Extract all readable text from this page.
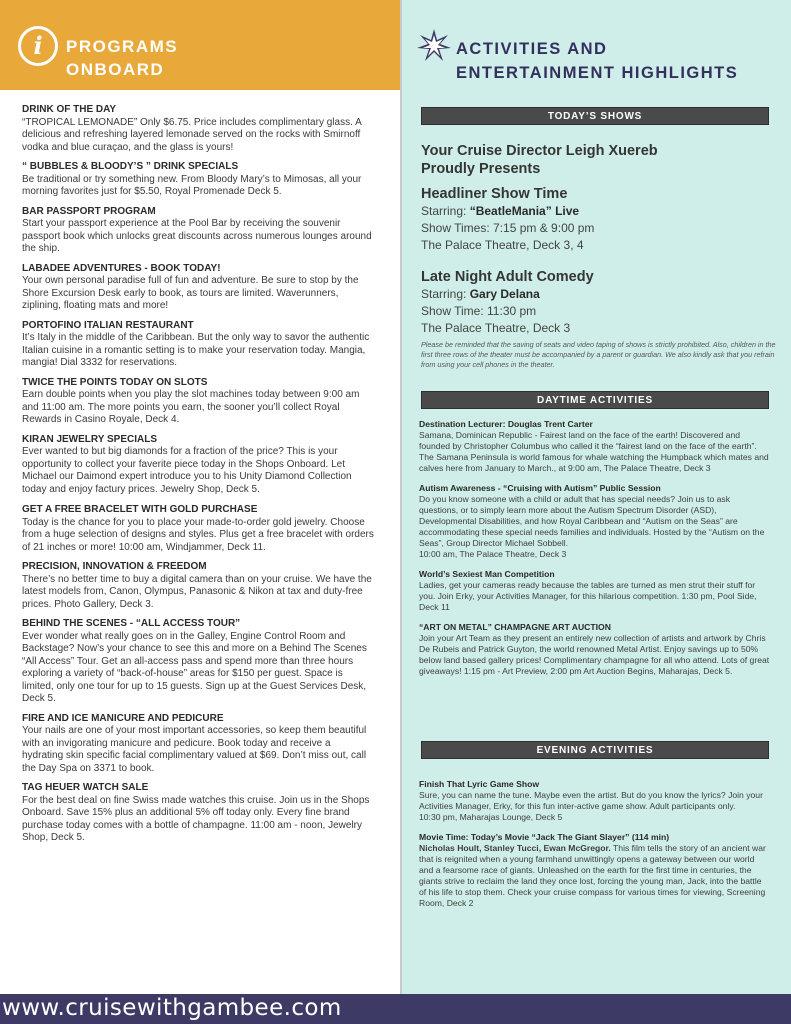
i	PROGRAMS
ONBOARD
ACTIVITIES AND
ENTERTAINMENT HIGHLIGHTS
DRINK OF THE DAY
“TROPICAL LEMONADE” Only $6.75. Price includes complimentary glass. A delicious and refreshing layered lemonade served on the rocks with Smirnoff vodka and blue curaçao, and the glass is yours!
“ BUBBLES & BLOODY’S ” DRINK SPECIALS
Be traditional or try something new. From Bloody Mary’s to Mimosas, all your morning favorites just for $5.50, Royal Promenade Deck 5.
BAR PASSPORT PROGRAM
Start your passport experience at the Pool Bar by receiving the souvenir passport book which unlocks great discounts across numerous lounges around the ship.
LABADEE ADVENTURES - BOOK TODAY!
Your own personal paradise full of fun and adventure. Be sure to stop by the Shore Excursion Desk early to book, as tours are limited. Waverunners, ziplining, floating mats and more!
PORTOFINO ITALIAN RESTAURANT
It’s Italy in the middle of the Caribbean. But the only way to savor the authentic Italian cuisine in a romantic setting is to make your reservation today. Mangia, mangia! Dial 3332 for reservations.
TWICE THE POINTS TODAY ON SLOTS
Earn double points when you play the slot machines today between 9:00 am and 11:00 am. The more points you earn, the sooner you’ll collect Royal Rewards in Casino Royale, Deck 4.
KIRAN JEWELRY SPECIALS
Ever wanted to but big diamonds for a fraction of the price? This is your opportunity to collect your faverite piece today in the Shops Onboard. Let Michael our Daimond expert introduce you to his Unity Diamond Collection today and enjoy factury prices. Jewelry Shop, Deck 5.
GET A FREE BRACELET WITH GOLD PURCHASE
Today is the chance for you to place your made-to-order gold jewelry. Choose from a huge selection of designs and styles. Plus get a free bracelet with orders of 21 inches or more! 10:00 am, Windjammer, Deck 11.
PRECISION, INNOVATION & FREEDOM
There’s no better time to buy a digital camera than on your cruise. We have the latest models from, Canon, Olympus, Panasonic & Nikon at tax and duty-free prices. Photo Gallery, Deck 3.
BEHIND THE SCENES - “ALL ACCESS TOUR”
Ever wonder what really goes on in the Galley, Engine Control Room and Backstage? Now’s your chance to see this and more on a Behind The Scenes “All Access” Tour. Get an all-access pass and spend more than three hours exploring a variety of “back-of-house” areas for $150 per guest. Space is limited, only one tour for up to 15 guests. Sign up at the Guest Services Desk, Deck 5.
FIRE AND ICE MANICURE AND PEDICURE
Your nails are one of your most important accessories, so keep them beautiful with an invigorating manicure and pedicure. Book today and receive a hydrating skin specific facial complimentary valued at $69. Don’t miss out, call the Day Spa on 3371 to book.
TAG HEUER WATCH SALE
For the best deal on fine Swiss made watches this cruise. Join us in the Shops Onboard. Save 15% plus an additional 5% off today only. Every fine brand purchase today comes with a bottle of champagne. 11:00 am - noon, Jewelry Shop, Deck 5.
TODAY’S SHOWS
Your Cruise Director Leigh Xuereb
Proudly Presents
Headliner Show Time
Starring: “BeatleMania” Live
Show Times: 7:15 pm & 9:00 pm
The Palace Theatre, Deck 3, 4
Late Night Adult Comedy
Starring: Gary Delana
Show Time: 11:30 pm
The Palace Theatre, Deck 3
Please be reminded that the saving of seats and video taping of shows is strictly prohibited. Also, children in the first three rows of the theater must be accompanied by a parent or guardian. We also kindly ask that you refrain from using your cell phones in the theater.
DAYTIME ACTIVITIES
Destination Lecturer: Douglas Trent Carter
Samana, Dominican Republic - Fairest land on the face of the earth! Discovered and founded by Christopher Columbus who called it the “fairest land on the face of the earth”. The Samana Peninsula is world famous for whale watching the Humpback which mates and calves here from January to March., at 9:00 am, The Palace Theatre, Deck 3
Autism Awareness - “Cruising with Autism” Public Session
Do you know someone with a child or adult that has special needs? Join us to ask questions, or to simply learn more about the Autism Spectrum Disorder (ASD), Developmental Disabilities, and how Royal Caribbean and “Autism on the Seas” are accommodating these special needs families and individuals. Hosted by the “Autism on the Seas”, Group Director Michael Sobbell.
10:00 am, The Palace Theatre, Deck 3
World’s Sexiest Man Competition
Ladies, get your cameras ready because the tables are turned as men strut their stuff for you. Join Erky, your Activities Manager, for this hilarious competition. 1:30 pm, Pool Side, Deck 11
“ART ON METAL” CHAMPAGNE ART AUCTION
Join your Art Team as they present an entirely new collection of artists and artwork by Chris De Rubeis and Patrick Guyton, the world renowned Metal Artist. Enjoy savings up to 50% below land based gallery prices! Complimentary champagne for all who attend. Lots of great giveaways! 1:15 pm - Art Preview, 2:00 pm Art Auction Begins, Maharajas, Deck 5.
EVENING ACTIVITIES
Finish That Lyric Game Show
Sure, you can name the tune. Maybe even the artist. But do you know the lyrics? Join your Activities Manager, Erky, for this fun inter-active game show. Adult participants only.
10:30 pm, Maharajas Lounge, Deck 5
Movie Time: Today’s Movie “Jack The Giant Slayer” (114 min)
Nicholas Hoult, Stanley Tucci, Ewan McGregor. This film tells the story of an ancient war that is reignited when a young farmhand unwittingly opens a gateway between our world and a fearsome race of giants. Unleashed on the earth for the first time in centuries, the giants strive to reclaim the land they once lost, forcing the young man, Jack, into the battle of his life to stop them. Check your cruise compass for various times for viewing, Screening Room, Deck 2
www.cruisewithgambee.com
